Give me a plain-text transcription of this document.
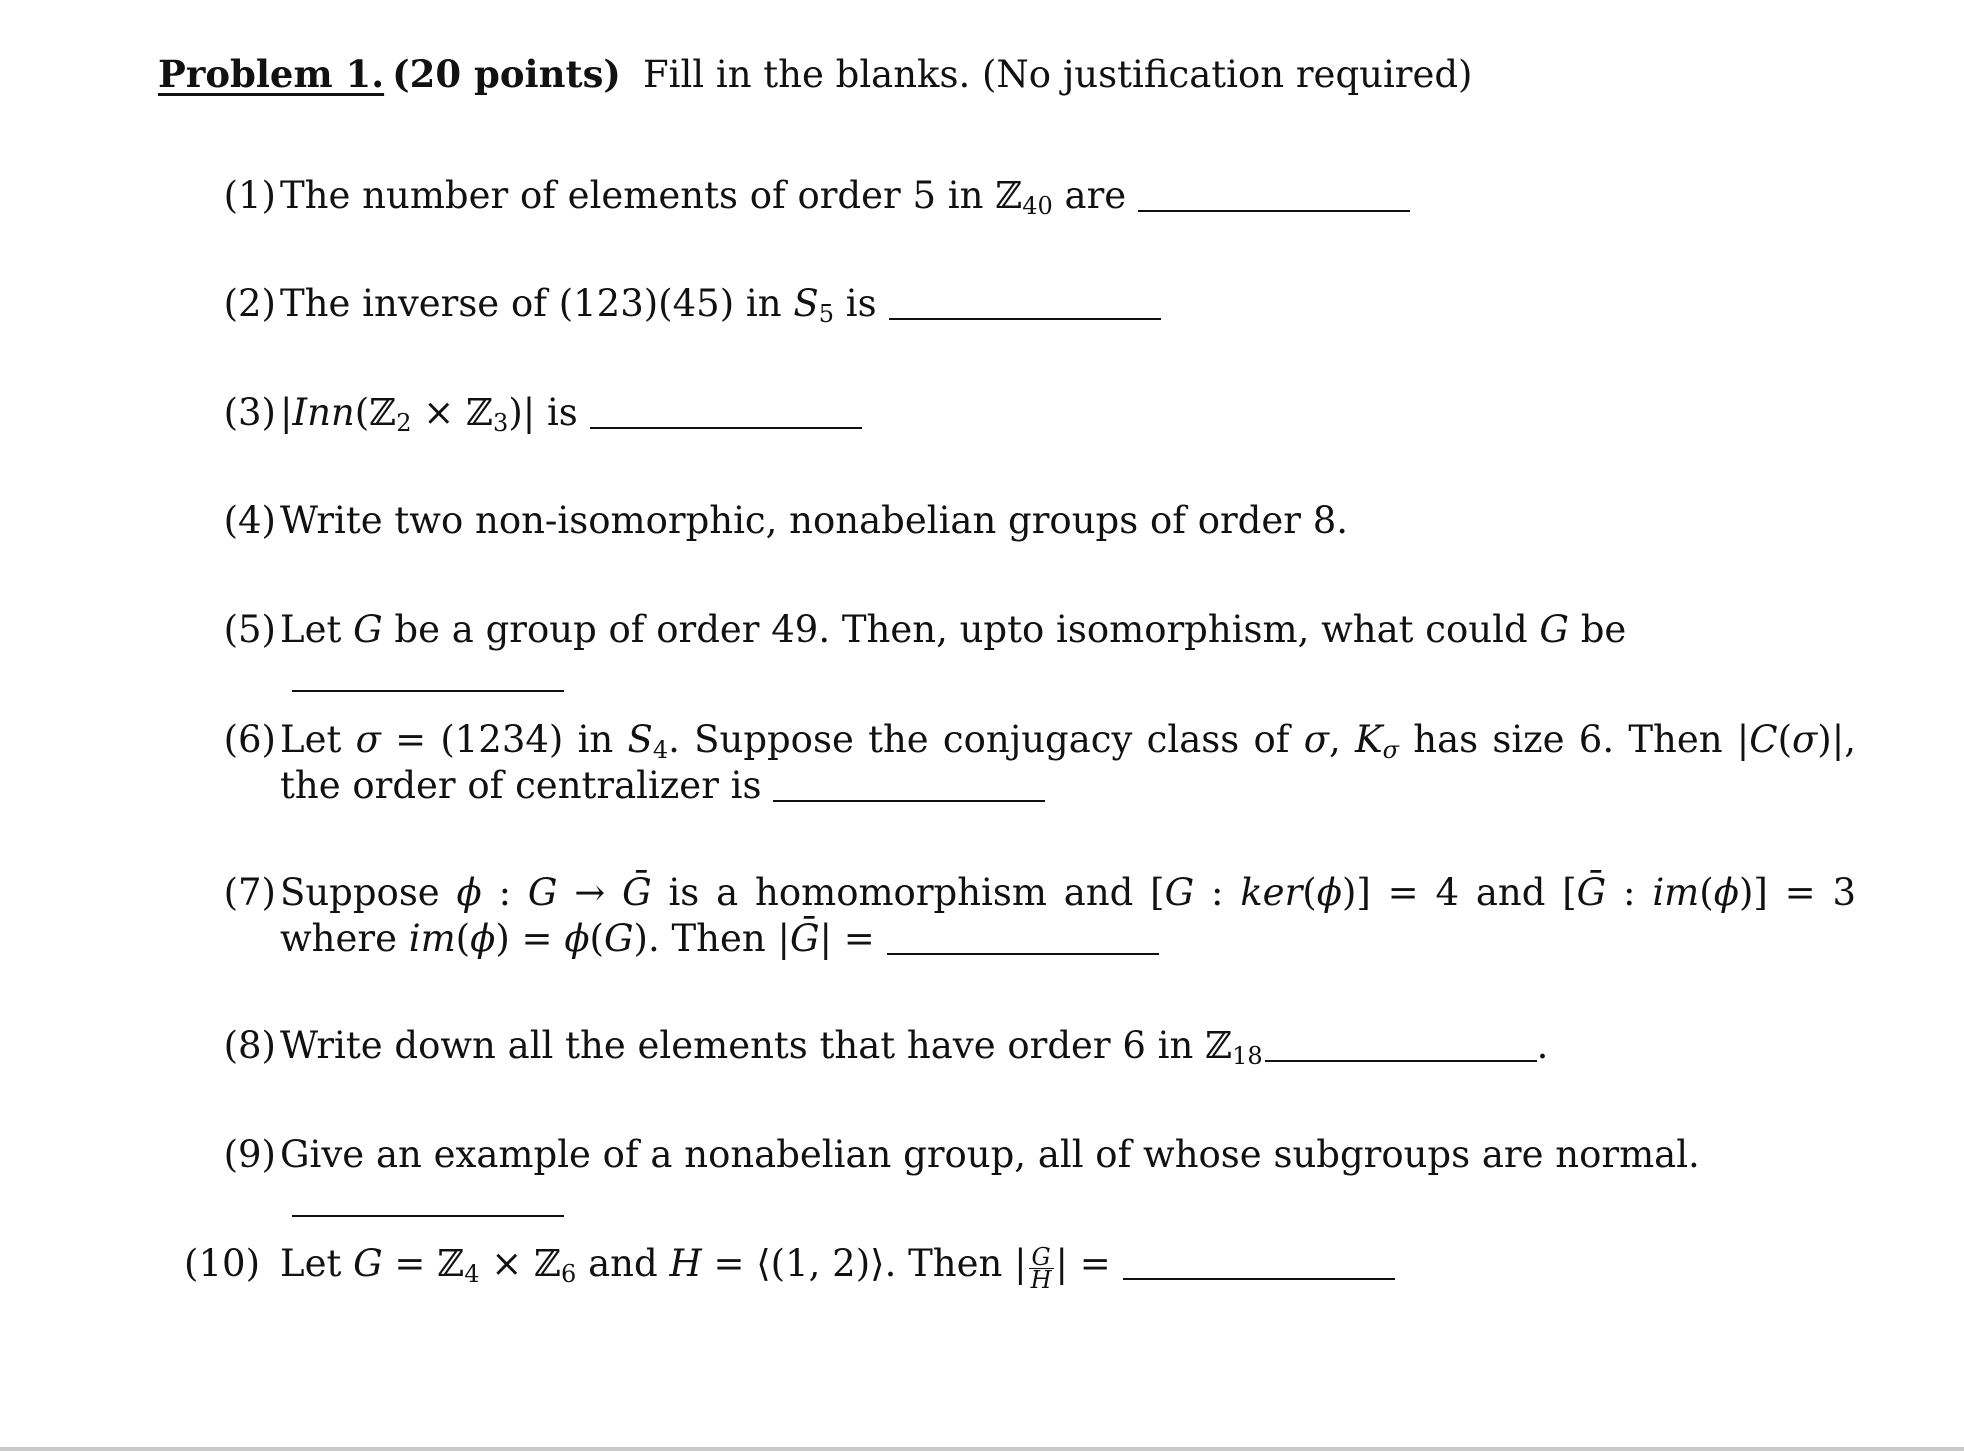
Problem 1. (20 points) Fill in the blanks. (No justification required)
(1) The number of elements of order 5 in ℤ$_{40}$ are
(2) The inverse of (123)(45) in $S_5$ is
(3) |Inn(ℤ$_2$ × ℤ$_3$)| is
(4) Write two non-isomorphic, nonabelian groups of order 8.
(5) Let G be a group of order 49. Then, upto isomorphism, what could G be
(6) Let σ = (1234) in $S_4$. Suppose the conjugacy class of σ, $K_\sigma$ has size 6. Then |C(σ)|, the order of centralizer is
(7) Suppose ϕ : G → Ḡ is a homomorphism and [G : ker(ϕ)] = 4 and [Ḡ : im(ϕ)] = 3 where im(ϕ) = ϕ(G). Then |Ḡ| =
(8) Write down all the elements that have order 6 in ℤ$_{18}$	.
(9) Give an example of a nonabelian group, all of whose subgroups are normal.
(10) Let G = ℤ$_4$ × ℤ$_6$ and H = ⟨(1, 2)⟩. Then | $\frac{G}{H}$ | =
